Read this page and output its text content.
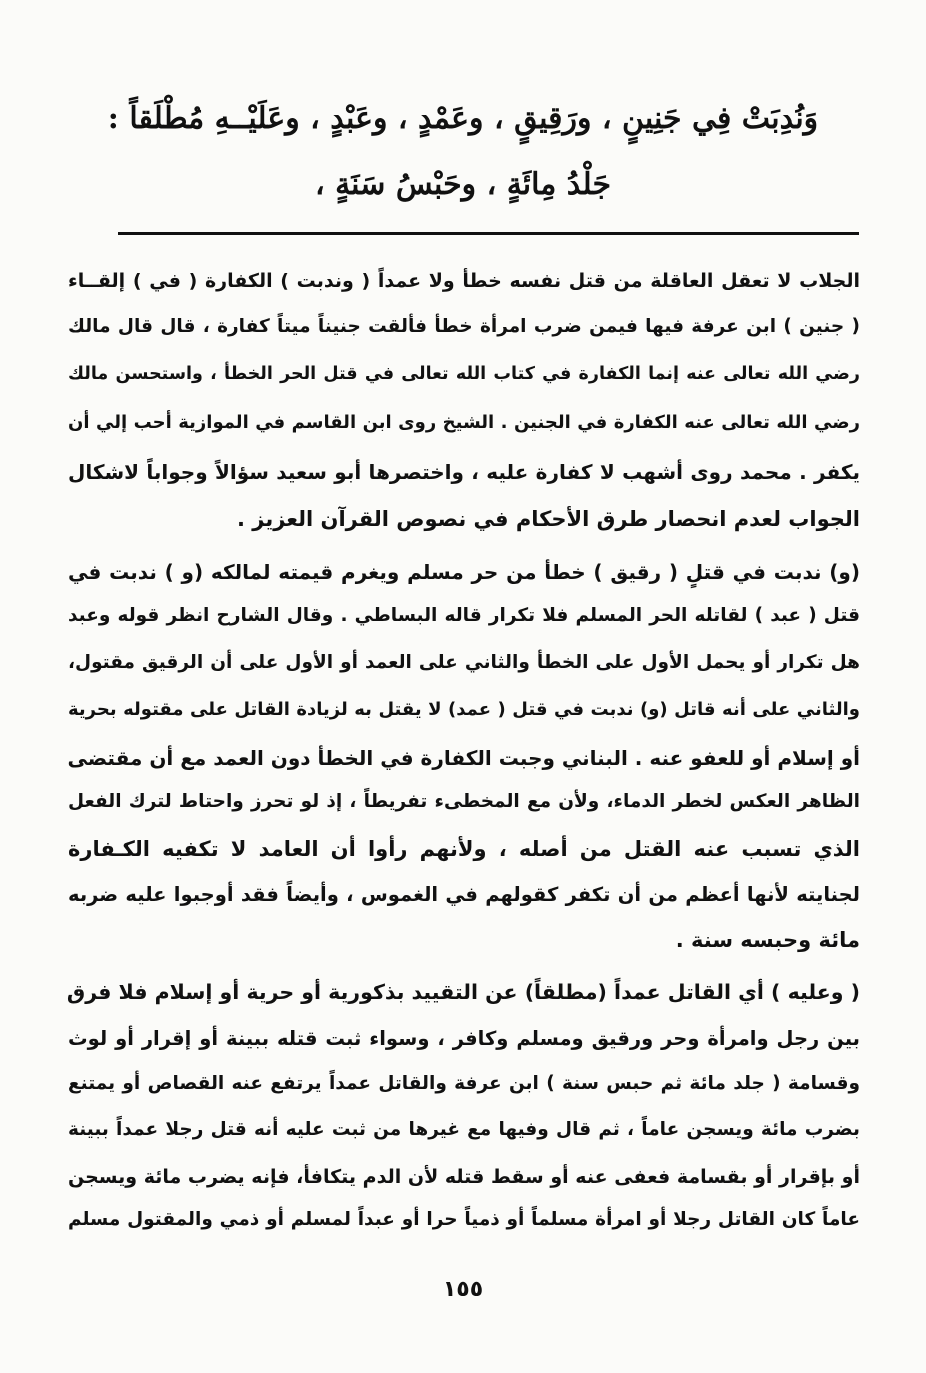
وَنُدِبَتْ فِي جَنِينٍ ، ورَقِيقٍ ، وعَمْدٍ ، وعَبْدٍ ، وعَلَيْــهِ مُطْلَقاً :
جَلْدُ مِائَةٍ ، وحَبْسُ سَنَةٍ ،
الجلاب لا تعقل العاقلة من قتل نفسه خطأ ولا عمداً ( وندبت ) الكفارة ( في ) إلقــاء
( جنين ) ابن عرفة فيها فيمن ضرب امرأة خطأ فألقت جنيناً ميتاً كفارة ، قال قال مالك
رضي الله تعالى عنه إنما الكفارة في كتاب الله تعالى في قتل الحر الخطأ ، واستحسن مالك
رضي الله تعالى عنه الكفارة في الجنين . الشيخ روى ابن القاسم في الموازية أحب إلي أن
يكفر . محمد روى أشهب لا كفارة عليه ، واختصرها أبو سعيد سؤالاً وجواباً لاشكال
الجواب لعدم انحصار طرق الأحكام في نصوص القرآن العزيز .
(و) ندبت في قتلٍ ( رقيق ) خطأ من حر مسلم ويغرم قيمته لمالكه (و ) ندبت في
قتل ( عبد ) لقاتله الحر المسلم فلا تكرار قاله البساطي . وقال الشارح انظر قوله وعبد
هل تكرار أو يحمل الأول على الخطأ والثاني على العمد أو الأول على أن الرقيق مقتول،
والثاني على أنه قاتل (و) ندبت في قتل ( عمد) لا يقتل به لزيادة القاتل على مقتوله بحرية
أو إسلام أو للعفو عنه . البناني وجبت الكفارة في الخطأ دون العمد مع أن مقتضى
الظاهر العكس لخطر الدماء، ولأن مع المخطىء تفريطاً ، إذ لو تحرز واحتاط لترك الفعل
الذي تسبب عنه القتل من أصله ، ولأنهم رأوا أن العامد لا تكفيه الكـفارة
لجنايته لأنها أعظم من أن تكفر كقولهم في الغموس ، وأيضاً فقد أوجبوا عليه ضربه
مائة وحبسه سنة .
( وعليه ) أي القاتل عمداً (مطلقاً) عن التقييد بذكورية أو حرية أو إسلام فلا فرق
بين رجل وامرأة وحر ورقيق ومسلم وكافر ، وسواء ثبت قتله ببينة أو إقرار أو لوث
وقسامة ( جلد مائة ثم حبس سنة ) ابن عرفة والقاتل عمداً يرتفع عنه القصاص أو يمتنع
بضرب مائة ويسجن عاماً ، ثم قال وفيها مع غيرها من ثبت عليه أنه قتل رجلا عمداً ببينة
أو بإقرار أو بقسامة فعفى عنه أو سقط قتله لأن الدم يتكافأ، فإنه يضرب مائة ويسجن
عاماً كان القاتل رجلا أو امرأة مسلماً أو ذمياً حرا أو عبداً لمسلم أو ذمي والمقتول مسلم
١٥٥
